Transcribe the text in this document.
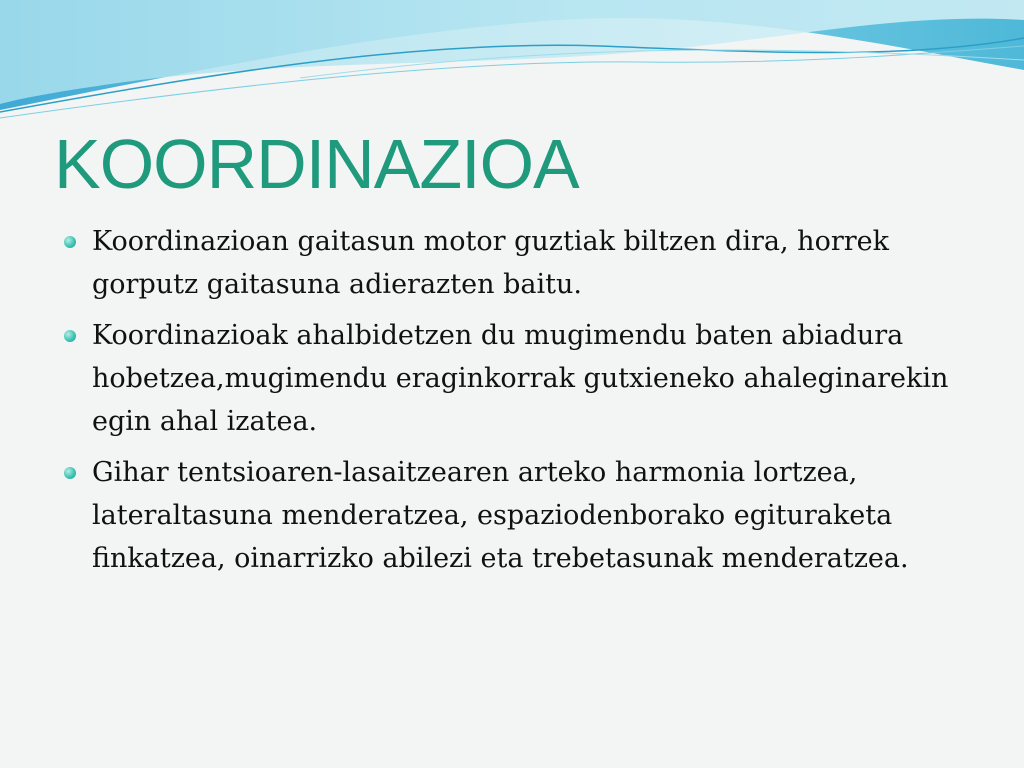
KOORDINAZIOA
Koordinazioan gaitasun motor guztiak biltzen dira, horrek gorputz gaitasuna adierazten baitu.
Koordinazioak ahalbidetzen du mugimendu baten abiadura hobetzea,mugimendu eraginkorrak gutxieneko ahaleginarekin egin ahal izatea.
Gihar tentsioaren-lasaitzearen arteko harmonia lortzea, lateraltasuna menderatzea, espaziodenborako egituraketa finkatzea, oinarrizko abilezi eta trebetasunak menderatzea.
